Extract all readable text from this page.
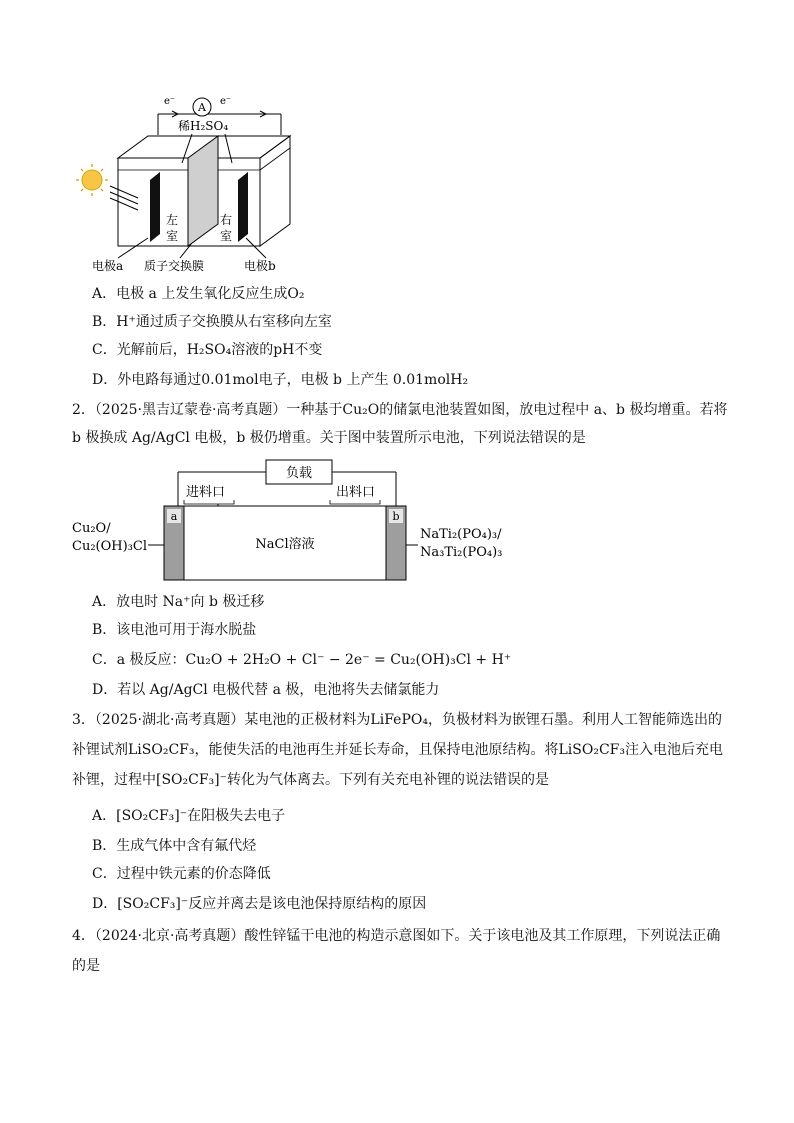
A
e⁻	e⁻
稀H₂SO₄
左
室
右
室
电极a 质子交换膜	电极b
A．电极 a 上发生氧化反应生成O₂
B．H⁺通过质子交换膜从右室移向左室
C．光解前后，H₂SO₄溶液的pH不变
D．外电路每通过0.01mol电子，电极 b 上产生 0.01molH₂
2．（2025·黑吉辽蒙卷·高考真题）一种基于Cu₂O的储氯电池装置如图，放电过程中 a、b 极均增重。若将
b 极换成 Ag/AgCl 电极，b 极仍增重。关于图中装置所示电池，下列说法错误的是
负载
进料口	出料口
a	b
NaCl溶液
Cu₂O/
Cu₂(OH)₃Cl
NaTi₂(PO₄)₃/
Na₃Ti₂(PO₄)₃
A．放电时 Na⁺向 b 极迁移
B．该电池可用于海水脱盐
C．a 极反应：Cu₂O + 2H₂O + Cl⁻ − 2e⁻ = Cu₂(OH)₃Cl + H⁺
D．若以 Ag/AgCl 电极代替 a 极，电池将失去储氯能力
3．（2025·湖北·高考真题）某电池的正极材料为LiFePO₄，负极材料为嵌锂石墨。利用人工智能筛选出的
补锂试剂LiSO₂CF₃，能使失活的电池再生并延长寿命，且保持电池原结构。将LiSO₂CF₃注入电池后充电
补锂，过程中[SO₂CF₃]⁻转化为气体离去。下列有关充电补锂的说法错误的是
A．[SO₂CF₃]⁻在阳极失去电子
B．生成气体中含有氟代烃
C．过程中铁元素的价态降低
D．[SO₂CF₃]⁻反应并离去是该电池保持原结构的原因
4．（2024·北京·高考真题）酸性锌锰干电池的构造示意图如下。关于该电池及其工作原理，下列说法正确
的是
